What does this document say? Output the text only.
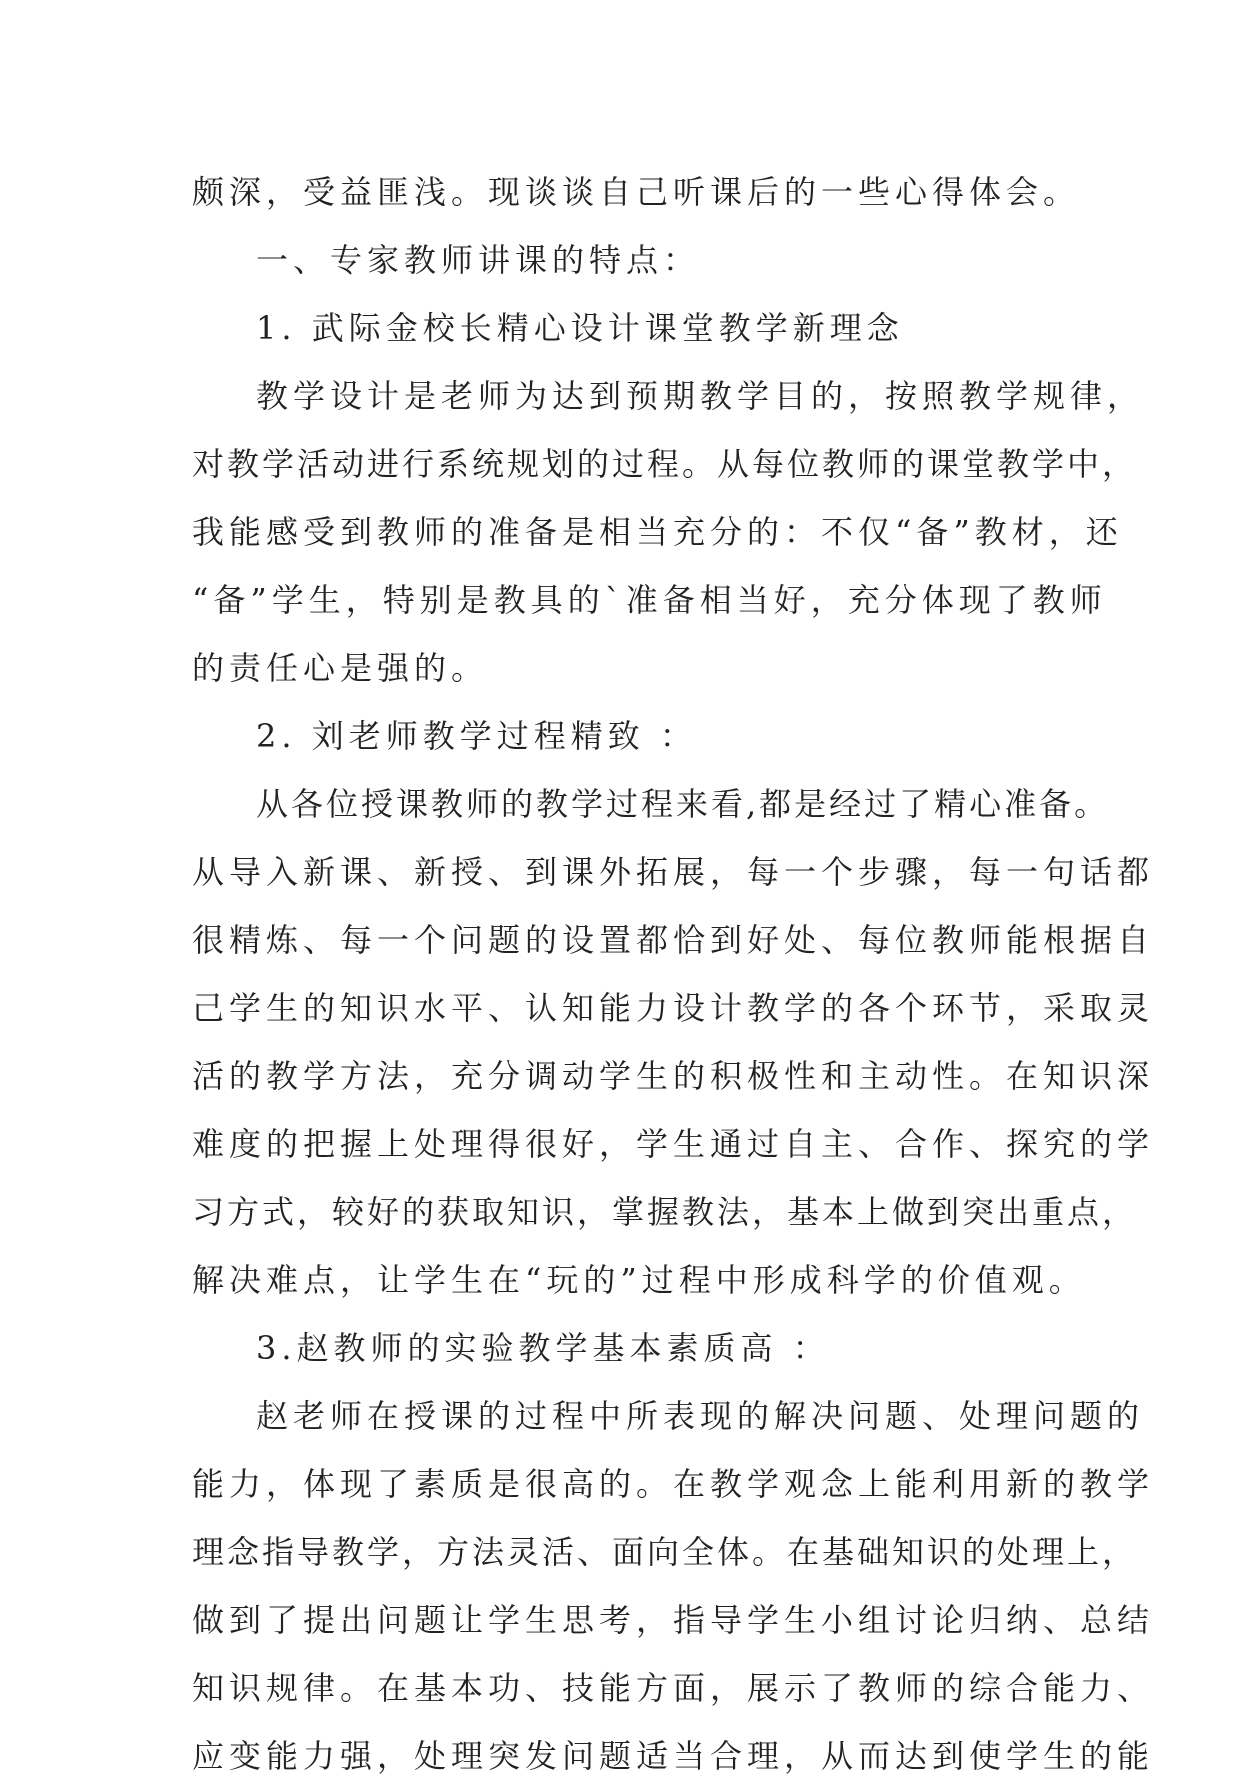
颇深，受益匪浅。现谈谈自己听课后的一些心得体会。
一、专家教师讲课的特点：
1. 武际金校长精心设计课堂教学新理念
教学设计是老师为达到预期教学目的，按照教学规律，
对教学活动进行系统规划的过程。从每位教师的课堂教学中，
我能感受到教师的准备是相当充分的：不仅“备”教材，还
“备”学生，特别是教具的`准备相当好，充分体现了教师
的责任心是强的。
2. 刘老师教学过程精致 ：
从各位授课教师的教学过程来看,都是经过了精心准备。
从导入新课、新授、到课外拓展，每一个步骤，每一句话都
很精炼、每一个问题的设置都恰到好处、每位教师能根据自
己学生的知识水平、认知能力设计教学的各个环节，采取灵
活的教学方法，充分调动学生的积极性和主动性。在知识深
难度的把握上处理得很好，学生通过自主、合作、探究的学
习方式，较好的获取知识，掌握教法，基本上做到突出重点，
解决难点，让学生在“玩的”过程中形成科学的价值观。
3.赵教师的实验教学基本素质高 ：
赵老师在授课的过程中所表现的解决问题、处理问题的
能力，体现了素质是很高的。在教学观念上能利用新的教学
理念指导教学，方法灵活、面向全体。在基础知识的处理上，
做到了提出问题让学生思考，指导学生小组讨论归纳、总结
知识规律。在基本功、技能方面，展示了教师的综合能力、
应变能力强，处理突发问题适当合理，从而达到使学生的能
